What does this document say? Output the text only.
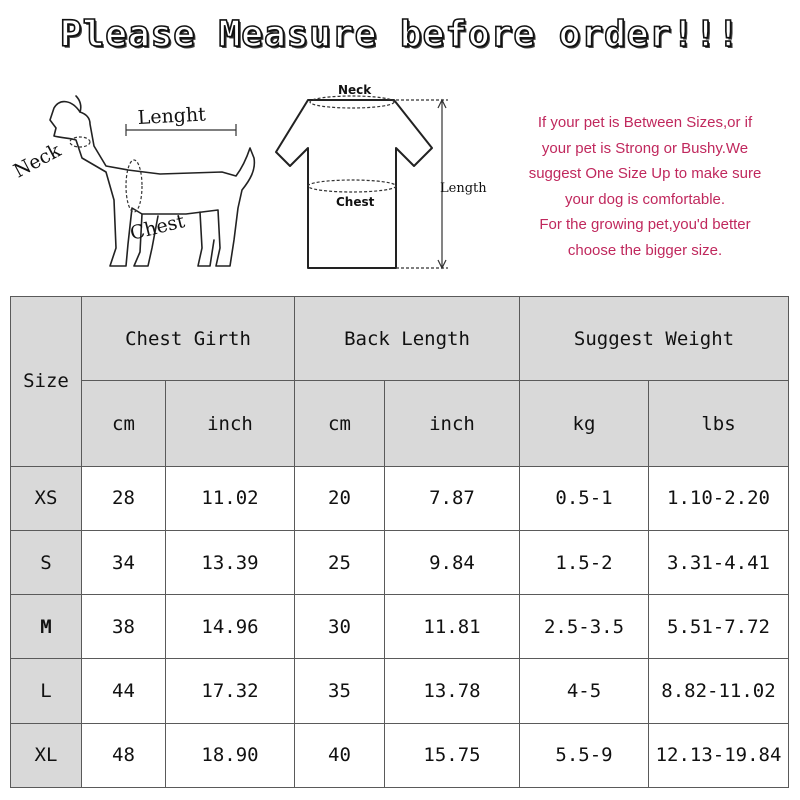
Please Measure before order!!!
Neck
Lenght
Chest
Neck
Chest
Length

If your pet is Between Sizes,or if

your pet is Strong or Bushy.We

suggest One Size Up to make sure

your dog is comfortable.

For the growing pet,you'd better

choose the bigger size.

Size	Chest Girth		Back Length		Suggest Weight	
	cm	inch	cm	inch	kg	lbs
XS	28	11.02	20	7.87	0.5-1	1.10-2.20
S	34	13.39	25	9.84	1.5-2	3.31-4.41
M	38	14.96	30	11.81	2.5-3.5	5.51-7.72
L	44	17.32	35	13.78	4-5	8.82-11.02
XL	48	18.90	40	15.75	5.5-9	12.13-19.84
